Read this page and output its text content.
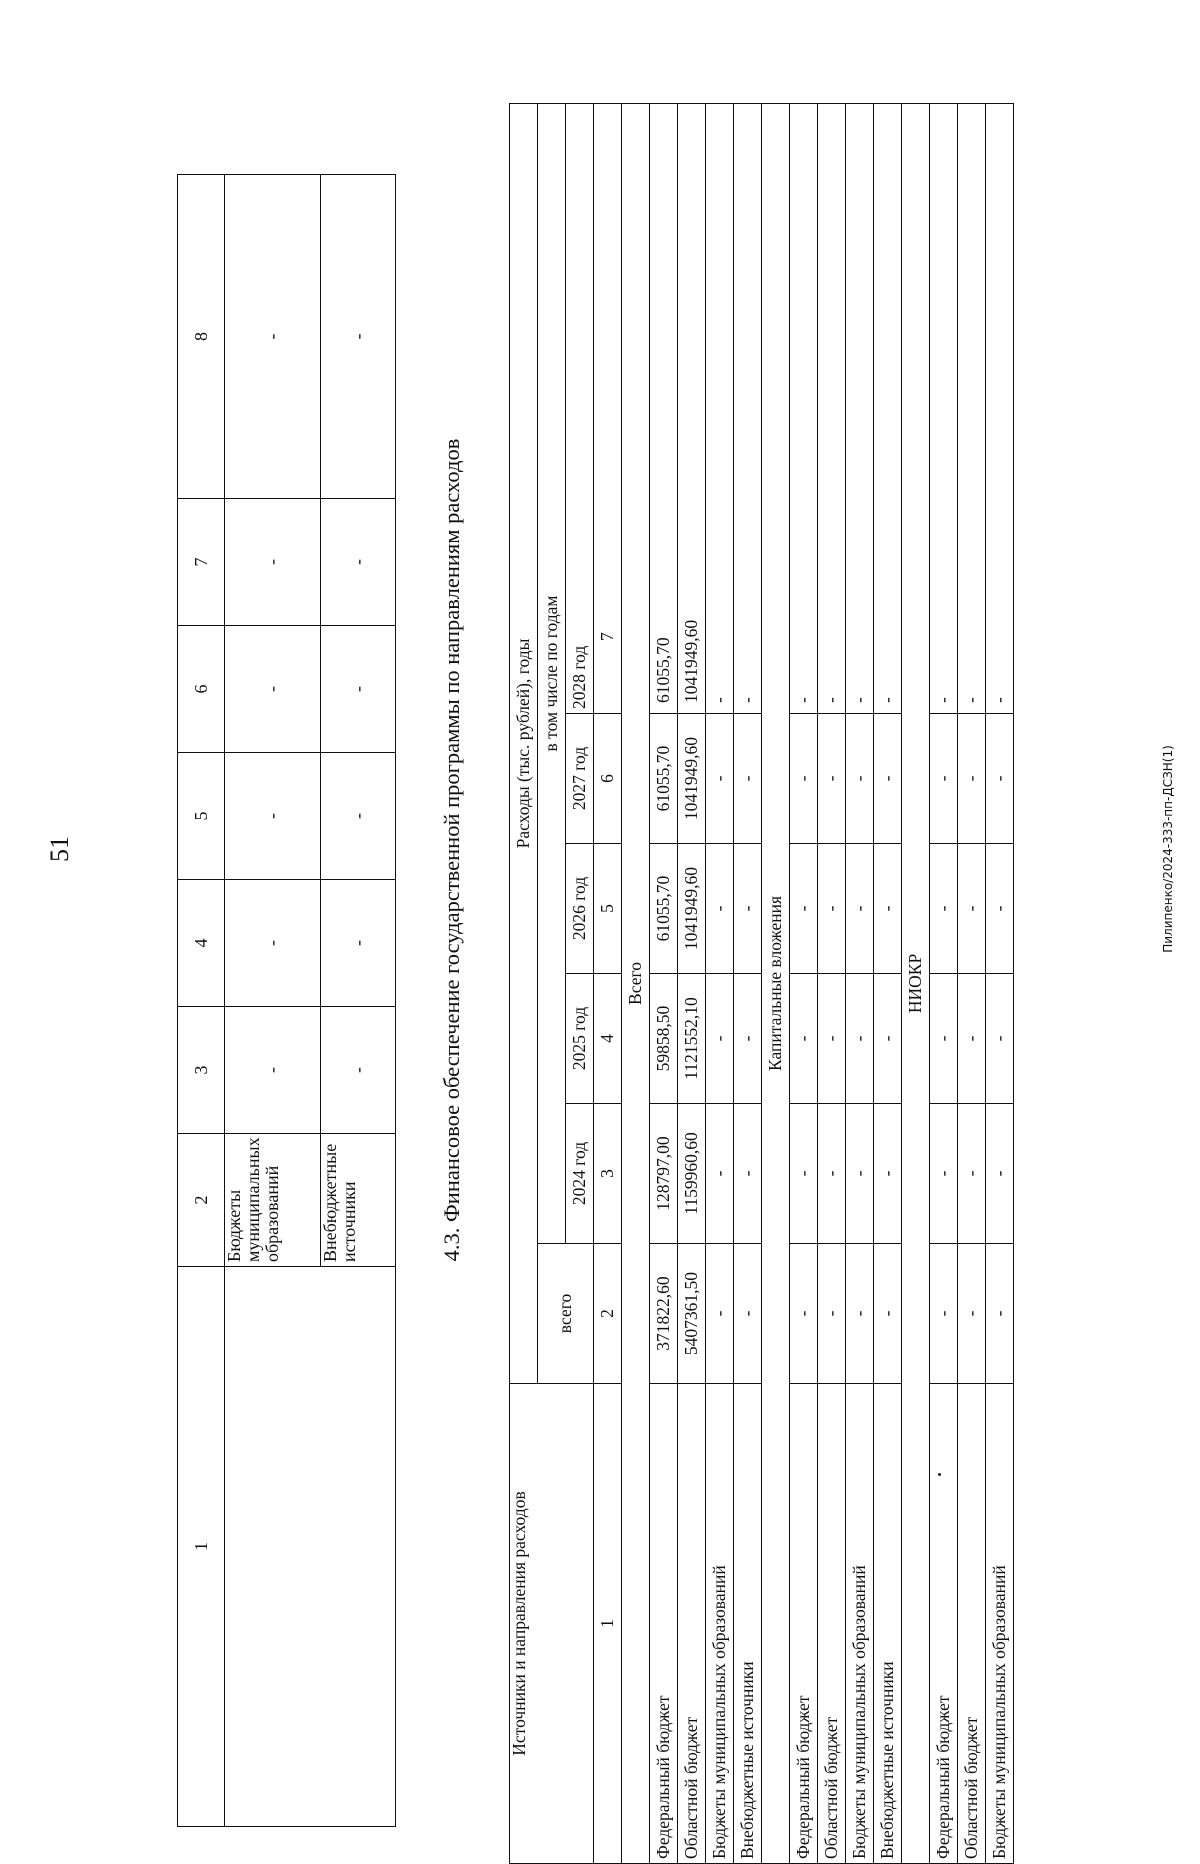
51	Пилипенко/2024-333-пп-ДСЗН(1)
1	2	3	4	5	6	7	8
	Бюджеты муниципальных образований	-	-	-	-	-	-
	Внебюджетные источники	-	-	-	-	-	-
4.3. Финансовое обеспечение государственной программы по направлениям расходов
Источники и направления расходов	Расходы (тыс. рублей), годы					
	всего	в том числе по годам				
		2024 год	2025 год	2026 год	2027 год	2028 год
1	2	3	4	5	6	7
Всего						
Федеральный бюджет	371822,60	128797,00	59858,50	61055,70	61055,70	61055,70
Областной бюджет	5407361,50	1159960,60	1121552,10	1041949,60	1041949,60	1041949,60
Бюджеты муниципальных образований	-	-	-	-	-	-
Внебюджетные источники	-	-	-	-	-	-
Капитальные вложения						
Федеральный бюджет	-	-	-	-	-	-
Областной бюджет	-	-	-	-	-	-
Бюджеты муниципальных образований	-	-	-	-	-	-
Внебюджетные источники	-	-	-	-	-	-
НИОКР						
Федеральный бюджет	-	-	-	-	-	-
Областной бюджет	-	-	-	-	-	-
Бюджеты муниципальных образований	-	-	-	-	-	-
